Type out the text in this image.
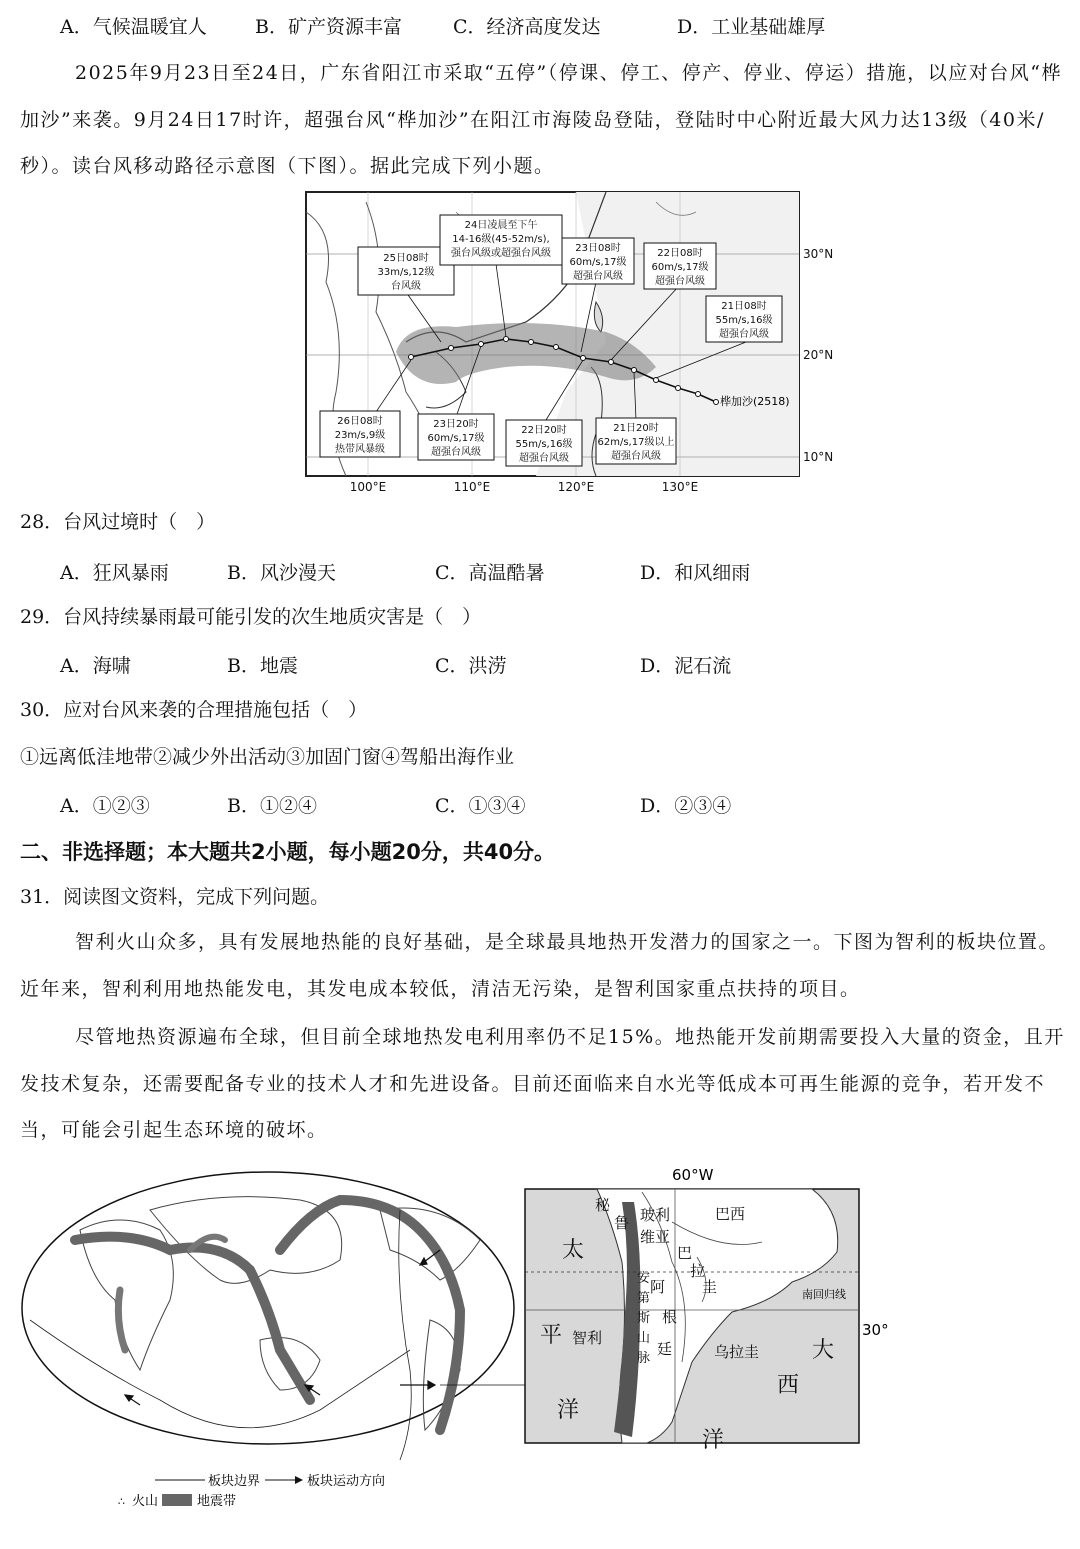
A．气候温暖宜人	B．矿产资源丰富	C．经济高度发达	D．工业基础雄厚
2025年9月23日至24日，广东省阳江市采取“五停”（停课、停工、停产、停业、停运）措施，以应对台风“桦加沙”来袭。9月24日17时许，超强台风“桦加沙”在阳江市海陵岛登陆，登陆时中心附近最大风力达13级（40米/秒）。读台风移动路径示意图（下图）。据此完成下列小题。
25日08时
33m/s,12级
台风级
24日凌晨至下午
14-16级(45-52m/s),
强台风级或超强台风级 23日08时
60m/s,17级
超强台风级
22日08时
60m/s,17级
超强台风级
21日08时
55m/s,16级
超强台风级
26日08时
23m/s,9级
热带风暴级
23日20时
60m/s,17级
超强台风级
22日20时
55m/s,16级
超强台风级
21日20时
62m/s,17级以上
超强台风级
桦加沙(2518)
30°N
20°N
10°N
100°E	110°E	120°E	130°E
28．台风过境时（　）
A．狂风暴雨	B．风沙漫天	C．高温酷暑	D．和风细雨
29．台风持续暴雨最可能引发的次生地质灾害是（　）
A．海啸	B．地震	C．洪涝	D．泥石流
30．应对台风来袭的合理措施包括（　）
①远离低洼地带②减少外出活动③加固门窗④驾船出海作业
A．①②③	B．①②④	C．①③④	D．②③④
二、非选择题；本大题共2小题，每小题20分，共40分。
31．阅读图文资料，完成下列问题。
智利火山众多，具有发展地热能的良好基础，是全球最具地热开发潜力的国家之一。下图为智利的板块位置。近年来，智利利用地热能发电，其发电成本较低，清洁无污染，是智利国家重点扶持的项目。
尽管地热资源遍布全球，但目前全球地热发电利用率仍不足15%。地热能开发前期需要投入大量的资金，且开发技术复杂，还需要配备专业的技术人才和先进设备。目前还面临来自水光等低成本可再生能源的竞争，若开发不当，可能会引起生态环境的破坏。
板块边界	板块运动方向
∴ 火山	地震带
60°W
30°
南回归线
秘
鲁 玻利
维亚
巴西
巴
拉
圭
阿
根
廷	乌拉圭
智利
安
第
斯
山
脉
太
平
洋
大
西
洋
